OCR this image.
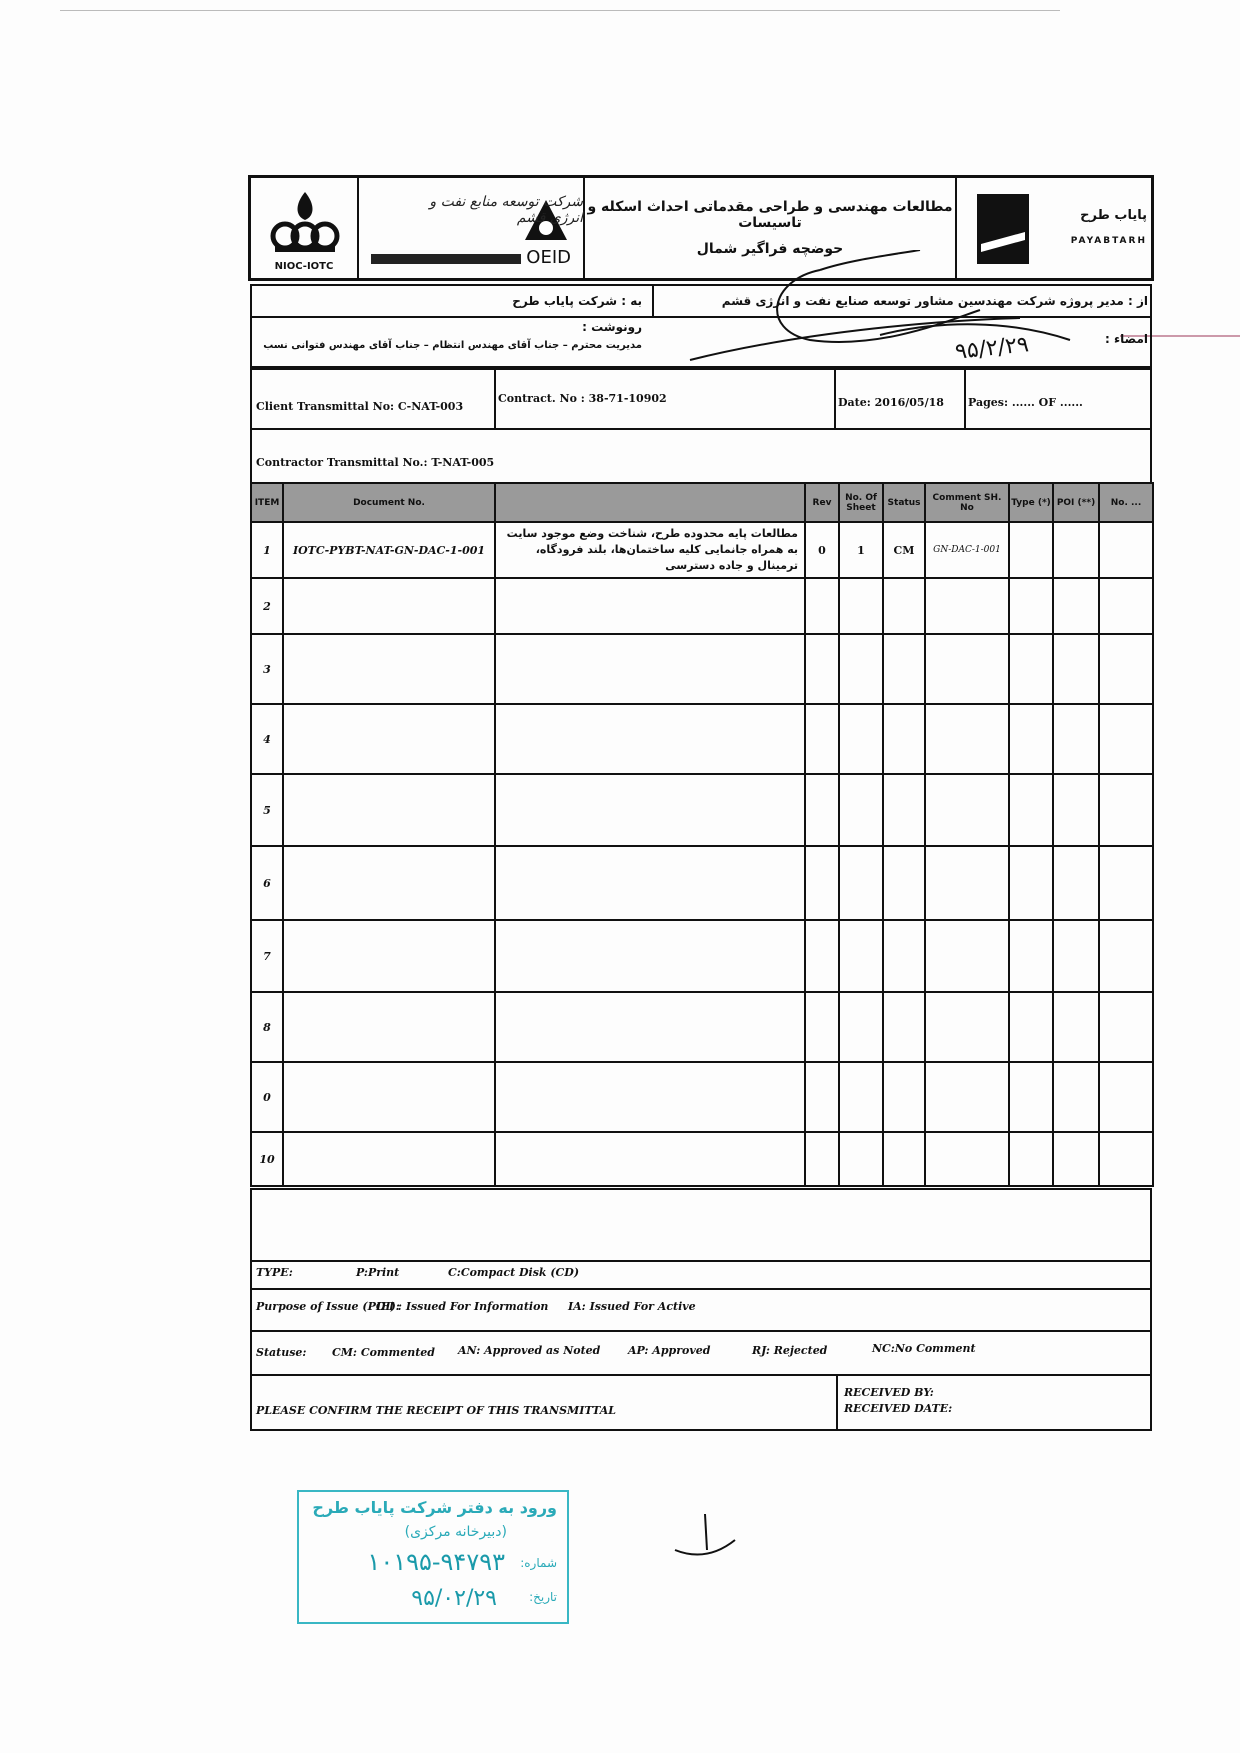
NIOC-IOTC
شرکت توسعه منابع نفت و انرژی قشم
OEID
مطالعات مهندسی و طراحی مقدماتی احداث اسکله و تاسیسات
حوضچه فراگیر شمال
پایاب طرح
PAYABTARH
به : شرکت پایاب طرح	از : مدیر پروژه شرکت مهندسین مشاور توسعه صنایع نفت و انرژی قشم
رونوشت :
مدیریت محترم – جناب آقای مهندس انتظام – جناب آقای مهندس فتوانی نسب	امضاء :
۹۵/۲/۲۹
Client Transmittal No: C-NAT-003
Contract. No : 38-71-10902	Date: 2016/05/18 Pages: ...... OF ......
Contractor Transmittal No.: T-NAT-005
ITEM	Document No.		Rev	No. Of Sheet	Status	Comment SH. No	Type (*)	POI (**)	No. ...
1	IOTC-PYBT-NAT-GN-DAC-1-001	مطالعات پایه محدوده طرح، شناخت وضع موجود سایت به همراه جانمایی کلیه ساختمان‌ها، بلند فرودگاه، ترمینال و جاده دسترسی	0	1	CM	GN-DAC-1-001			
2									
3									
4									
5									
6									
7									
8									
0									
10									
TYPE:	P:Print	C:Compact Disk (CD)
Purpose of Issue (POI):
IFI : Issued For Information IA: Issued For Active
Statuse: CM: Commented AN: Approved as Noted	AP: Approved	RJ: Rejected	NC:No Comment
PLEASE CONFIRM THE RECEIPT OF THIS TRANSMITTAL
RECEIVED BY:
RECEIVED DATE:
ورود به دفتر شرکت پایاب طرح
(دبیرخانه مرکزی)
شماره:
۱۰۱۹۵-۹۴۷۹۳
تاریخ:
۹۵/۰۲/۲۹
